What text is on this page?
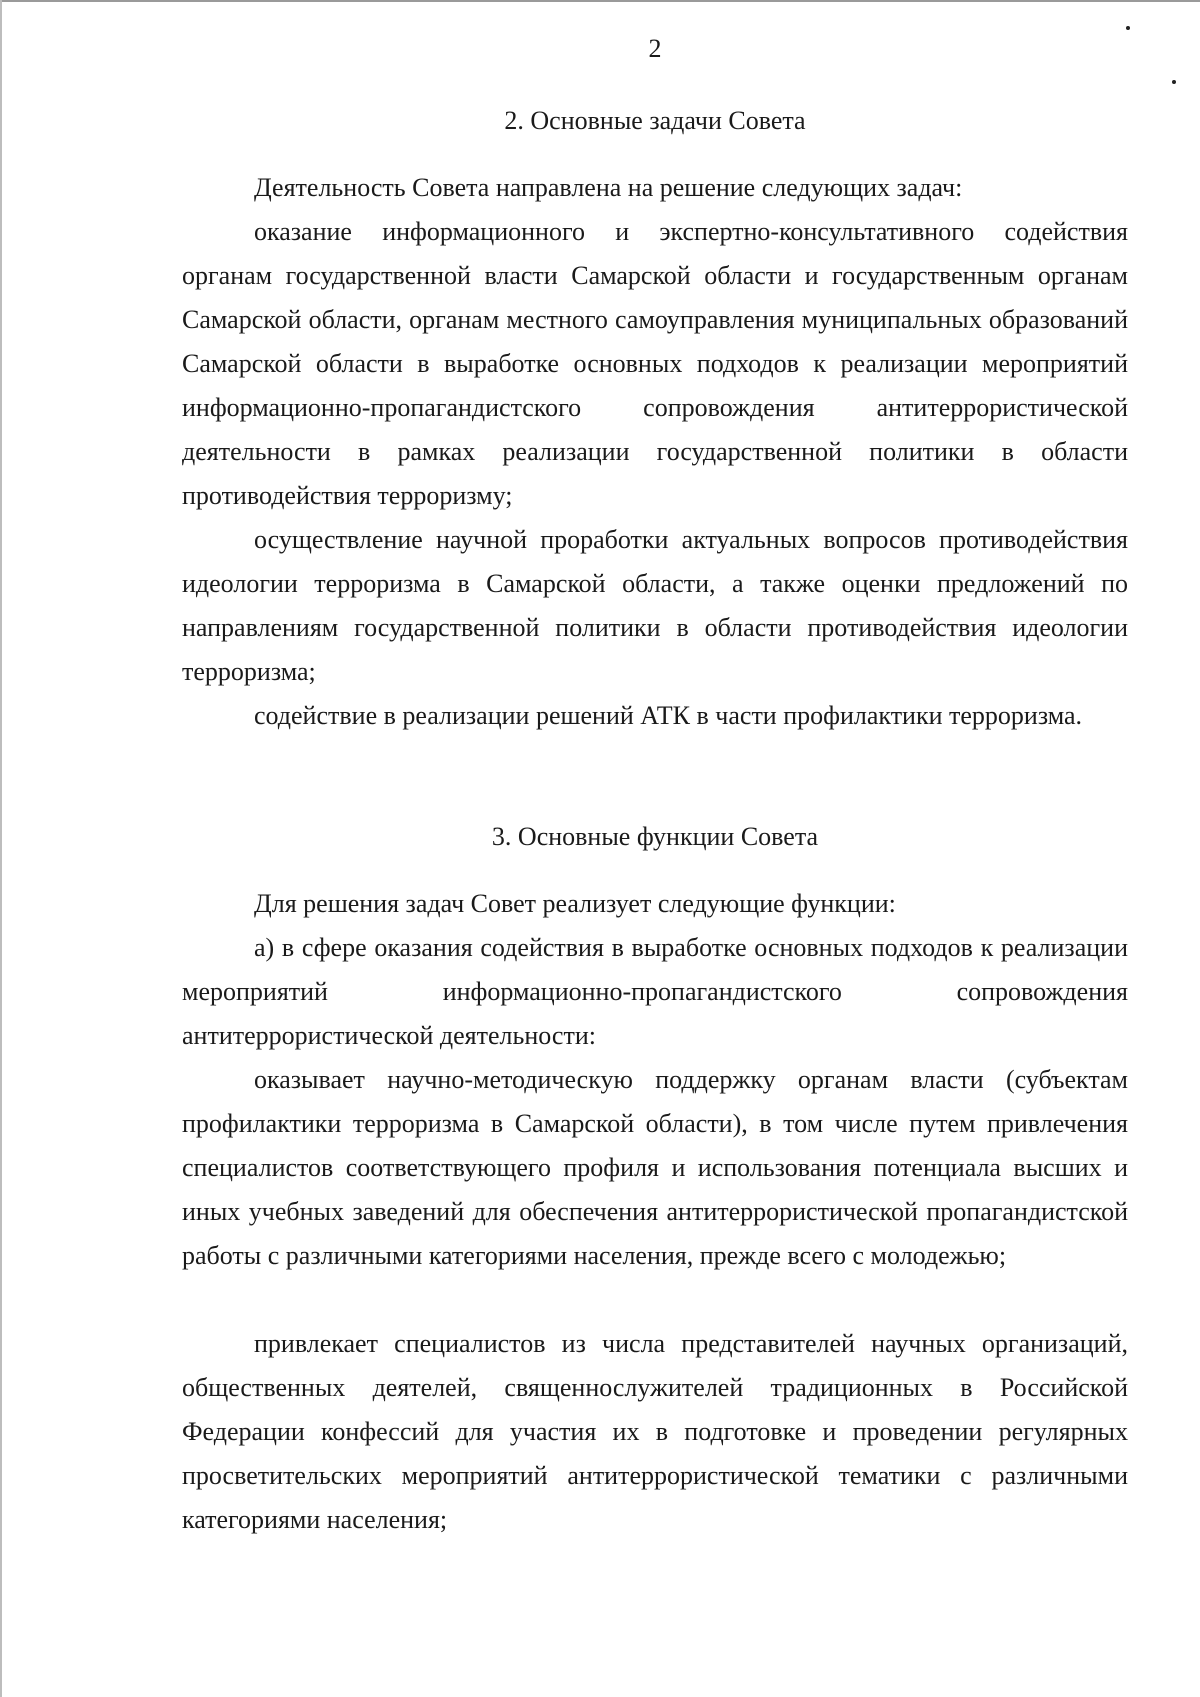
2

2. Основные задачи Совета

Деятельность Совета направлена на решение следующих задач:

оказание информационного и экспертно-консультативного содействия органам государственной власти Самарской области и государственным органам Самарской области, органам местного самоуправления муниципальных образований Самарской области в выработке основных подходов к реализации мероприятий информационно-пропагандистского сопровождения антитеррористической деятельности в рамках реализации государственной политики в области противодействия терроризму;

осуществление научной проработки актуальных вопросов противодействия идеологии терроризма в Самарской области, а также оценки предложений по направлениям государственной политики в области противодействия идеологии терроризма;

содействие в реализации решений АТК в части профилактики терроризма.

3. Основные функции Совета

Для решения задач Совет реализует следующие функции:

а) в сфере оказания содействия в выработке основных подходов к реализации мероприятий информационно-пропагандистского сопровождения антитеррористической деятельности:

оказывает научно-методическую поддержку органам власти (субъектам профилактики терроризма в Самарской области), в том числе путем привлечения специалистов соответствующего профиля и использования потенциала высших и иных учебных заведений для обеспечения антитеррористической пропагандистской работы с различными категориями населения, прежде всего с молодежью;

привлекает специалистов из числа представителей научных организаций, общественных деятелей, священнослужителей традиционных в Российской Федерации конфессий для участия их в подготовке и проведении регулярных просветительских мероприятий антитеррористической тематики с различными категориями населения;
